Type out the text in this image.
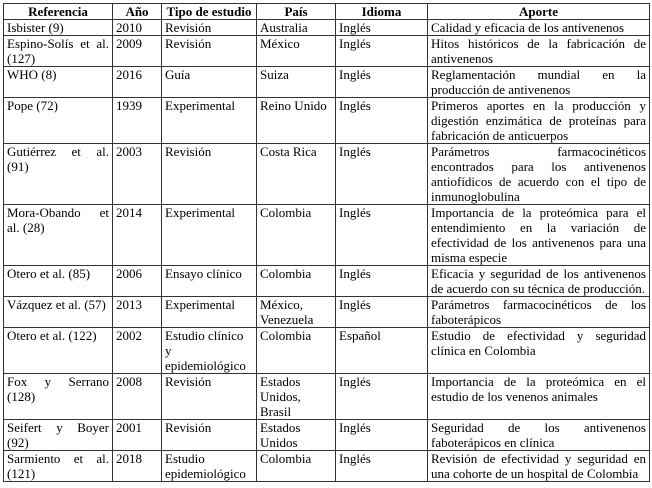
Referencia	Año	Tipo de estudio	País	Idioma	Aporte
Isbister (9)	2010	Revisión	Australia	Inglés	Calidad y eficacia de los antivenenos
Espino-Solís et al. (127)	2009	Revisión	México	Inglés	Hitos históricos de la fabricación de antivenenos
WHO (8)	2016	Guía	Suiza	Inglés	Reglamentación mundial en la producción de antivenenos
Pope (72)	1939	Experimental	Reino Unido	Inglés	Primeros aportes en la producción y digestión enzimática de proteínas para fabricación de anticuerpos
Gutiérrez et al. (91)	2003	Revisión	Costa Rica	Inglés	Parámetros farmacocinéticos encontrados para los antivenenos antiofídicos de acuerdo con el tipo de inmunoglobulina
Mora-Obando et al. (28)	2014	Experimental	Colombia	Inglés	Importancia de la proteómica para el entendimiento en la variación de efectividad de los antivenenos para una misma especie
Otero et al. (85)	2006	Ensayo clínico	Colombia	Inglés	Eficacia y seguridad de los antivenenos de acuerdo con su técnica de producción.
Vázquez et al. (57)	2013	Experimental	México, Venezuela	Inglés	Parámetros farmacocinéticos de los faboterápicos
Otero et al. (122)	2002	Estudio clínico y epidemiológico	Colombia	Español	Estudio de efectividad y seguridad clínica en Colombia
Fox y Serrano (128)	2008	Revisión	Estados Unidos, Brasil	Inglés	Importancia de la proteómica en el estudio de los venenos animales
Seifert y Boyer (92)	2001	Revisión	Estados Unidos	Inglés	Seguridad de los antivenenos faboterápicos en clínica
Sarmiento et al. (121)	2018	Estudio epidemiológico	Colombia	Inglés	Revisión de efectividad y seguridad en una cohorte de un hospital de Colombia
